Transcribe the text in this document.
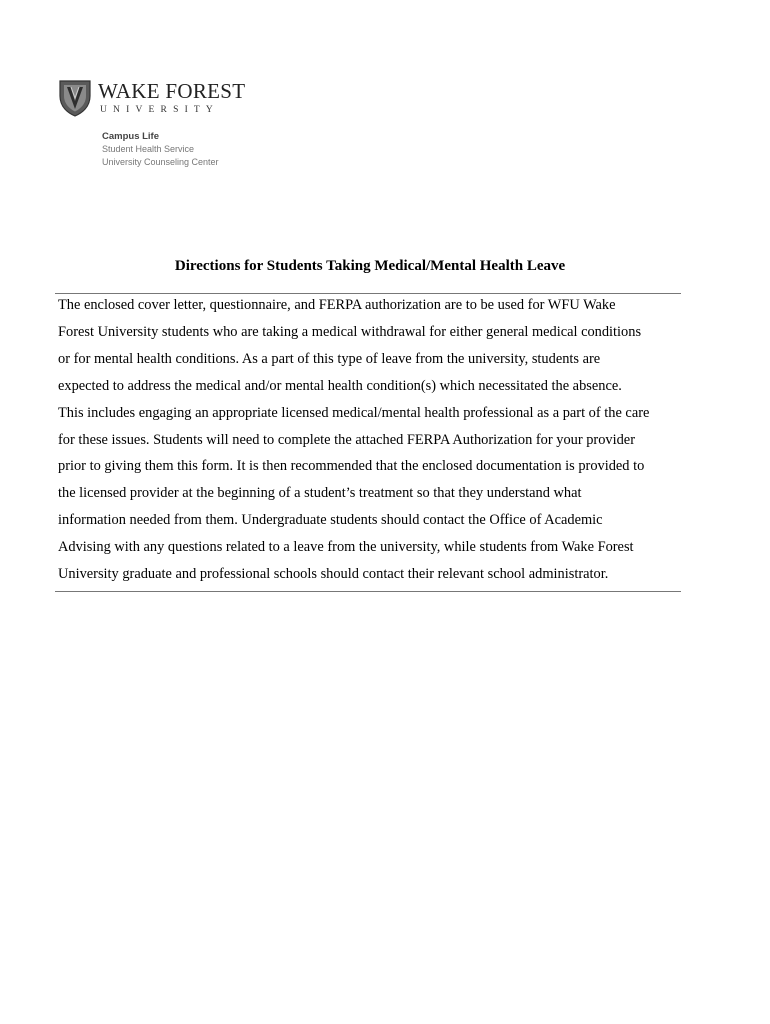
WAKE FOREST
UNIVERSITY
Campus Life
Student Health Service
University Counseling Center
Directions for Students Taking Medical/Mental Health Leave
The enclosed cover letter, questionnaire, and FERPA authorization are to be used for WFU Wake
Forest University students who are taking a medical withdrawal for either general medical conditions
or for mental health conditions. As a part of this type of leave from the university, students are
expected to address the medical and/or mental health condition(s) which necessitated the absence.
This includes engaging an appropriate licensed medical/mental health professional as a part of the care
for these issues. Students will need to complete the attached FERPA Authorization for your provider
prior to giving them this form. It is then recommended that the enclosed documentation is provided to
the licensed provider at the beginning of a student’s treatment so that they understand what
information needed from them. Undergraduate students should contact the Office of Academic
Advising with any questions related to a leave from the university, while students from Wake Forest
University graduate and professional schools should contact their relevant school administrator.
